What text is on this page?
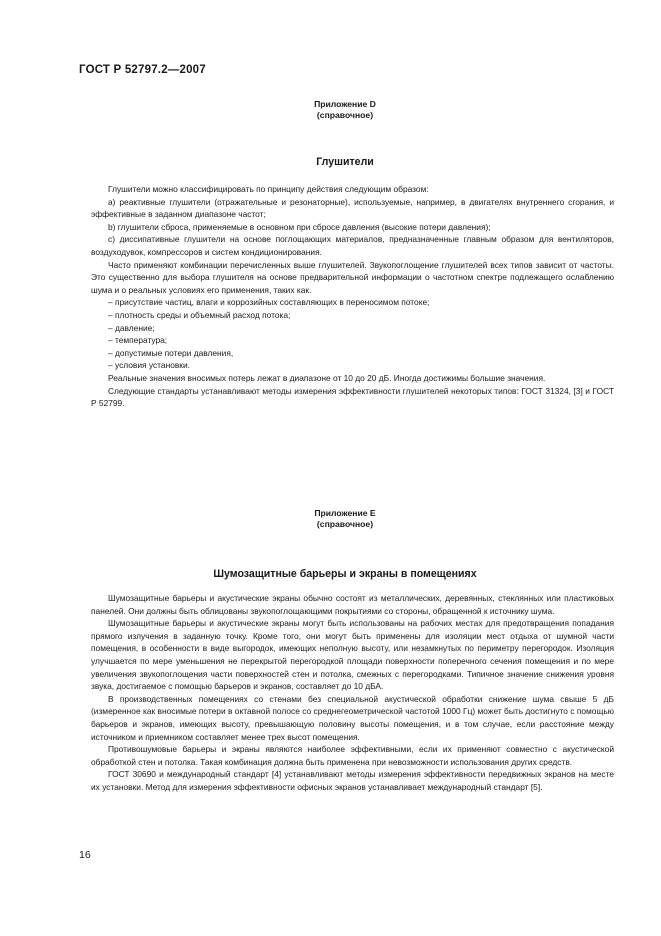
ГОСТ Р 52797.2—2007
Приложение D
(справочное)
Глушители

Глушители можно классифицировать по принципу действия следующим образом:

а) реактивные глушители (отражательные и резонаторные), используемые, например, в двигателях внутреннего сгорания, и эффективные в заданном диапазоне частот;

b) глушители сброса, применяемые в основном при сбросе давления (высокие потери давления);

с) диссипативные глушители на основе поглощающих материалов, предназначенные главным образом для вентиляторов, воздуходувок, компрессоров и систем кондиционирования.

Часто применяют комбинации перечисленных выше глушителей. Звукопоглощение глушителей всех типов зависит от частоты. Это существенно для выбора глушителя на основе предварительной информации о частотном спектре подлежащего ослаблению шума и о реальных условиях его применения, таких как.

– присутствие частиц, влаги и коррозийных составляющих в переносимом потоке;

– плотность среды и объемный расход потока;

– давление;

– температура;

– допустимые потери давления,

– условия установки.

Реальные значения вносимых потерь лежат в диапазоне от 10 до 20 дБ. Иногда достижимы большие значения.

Следующие стандарты устанавливают методы измерения эффективности глушителей некоторых типов: ГОСТ 31324, [3] и ГОСТ Р 52799.

Приложение Е
(справочное)
Шумозащитные барьеры и экраны в помещениях

Шумозащитные барьеры и акустические экраны обычно состоят из металлических, деревянных, стеклянных или пластиковых панелей. Они должны быть облицованы звукопоглощающими покрытиями со стороны, обращенной к источнику шума.

Шумозащитные барьеры и акустические экраны могут быть использованы на рабочих местах для предотвращения попадания прямого излучения в заданную точку. Кроме того, они могут быть применены для изоляции мест отдыха от шумной части помещения, в особенности в виде выгородок, имеющих неполную высоту, или незамкнутых по периметру перегородок. Изоляция улучшается по мере уменьшения не перекрытой перегородкой площади поверхности поперечного сечения помещения и по мере увеличения звукопоглощения части поверхностей стен и потолка, смежных с перегородками. Типичное значение снижения уровня звука, достигаемое с помощью барьеров и экранов, составляет до 10 дБА.

В производственных помещениях со стенами без специальной акустической обработки снижение шума свыше 5 дБ (измеренное как вносимые потери в октавной полосе со среднегеометрической частотой 1000 Гц) может быть достигнуто с помощью барьеров и экранов, имеющих высоту, превышающую половину высоты помещения, и в том случае, если расстояние между источником и приемником составляет менее трех высот помещения.

Противошумовые барьеры и экраны являются наиболее эффективными, если их применяют совместно с акустической обработкой стен и потолка. Такая комбинация должна быть применена при невозможности использования других средств.

ГОСТ 30690 и международный стандарт [4] устанавливают методы измерения эффективности передвижных экранов на месте их установки. Метод для измерения эффективности офисных экранов устанавливает международный стандарт [5].

16
